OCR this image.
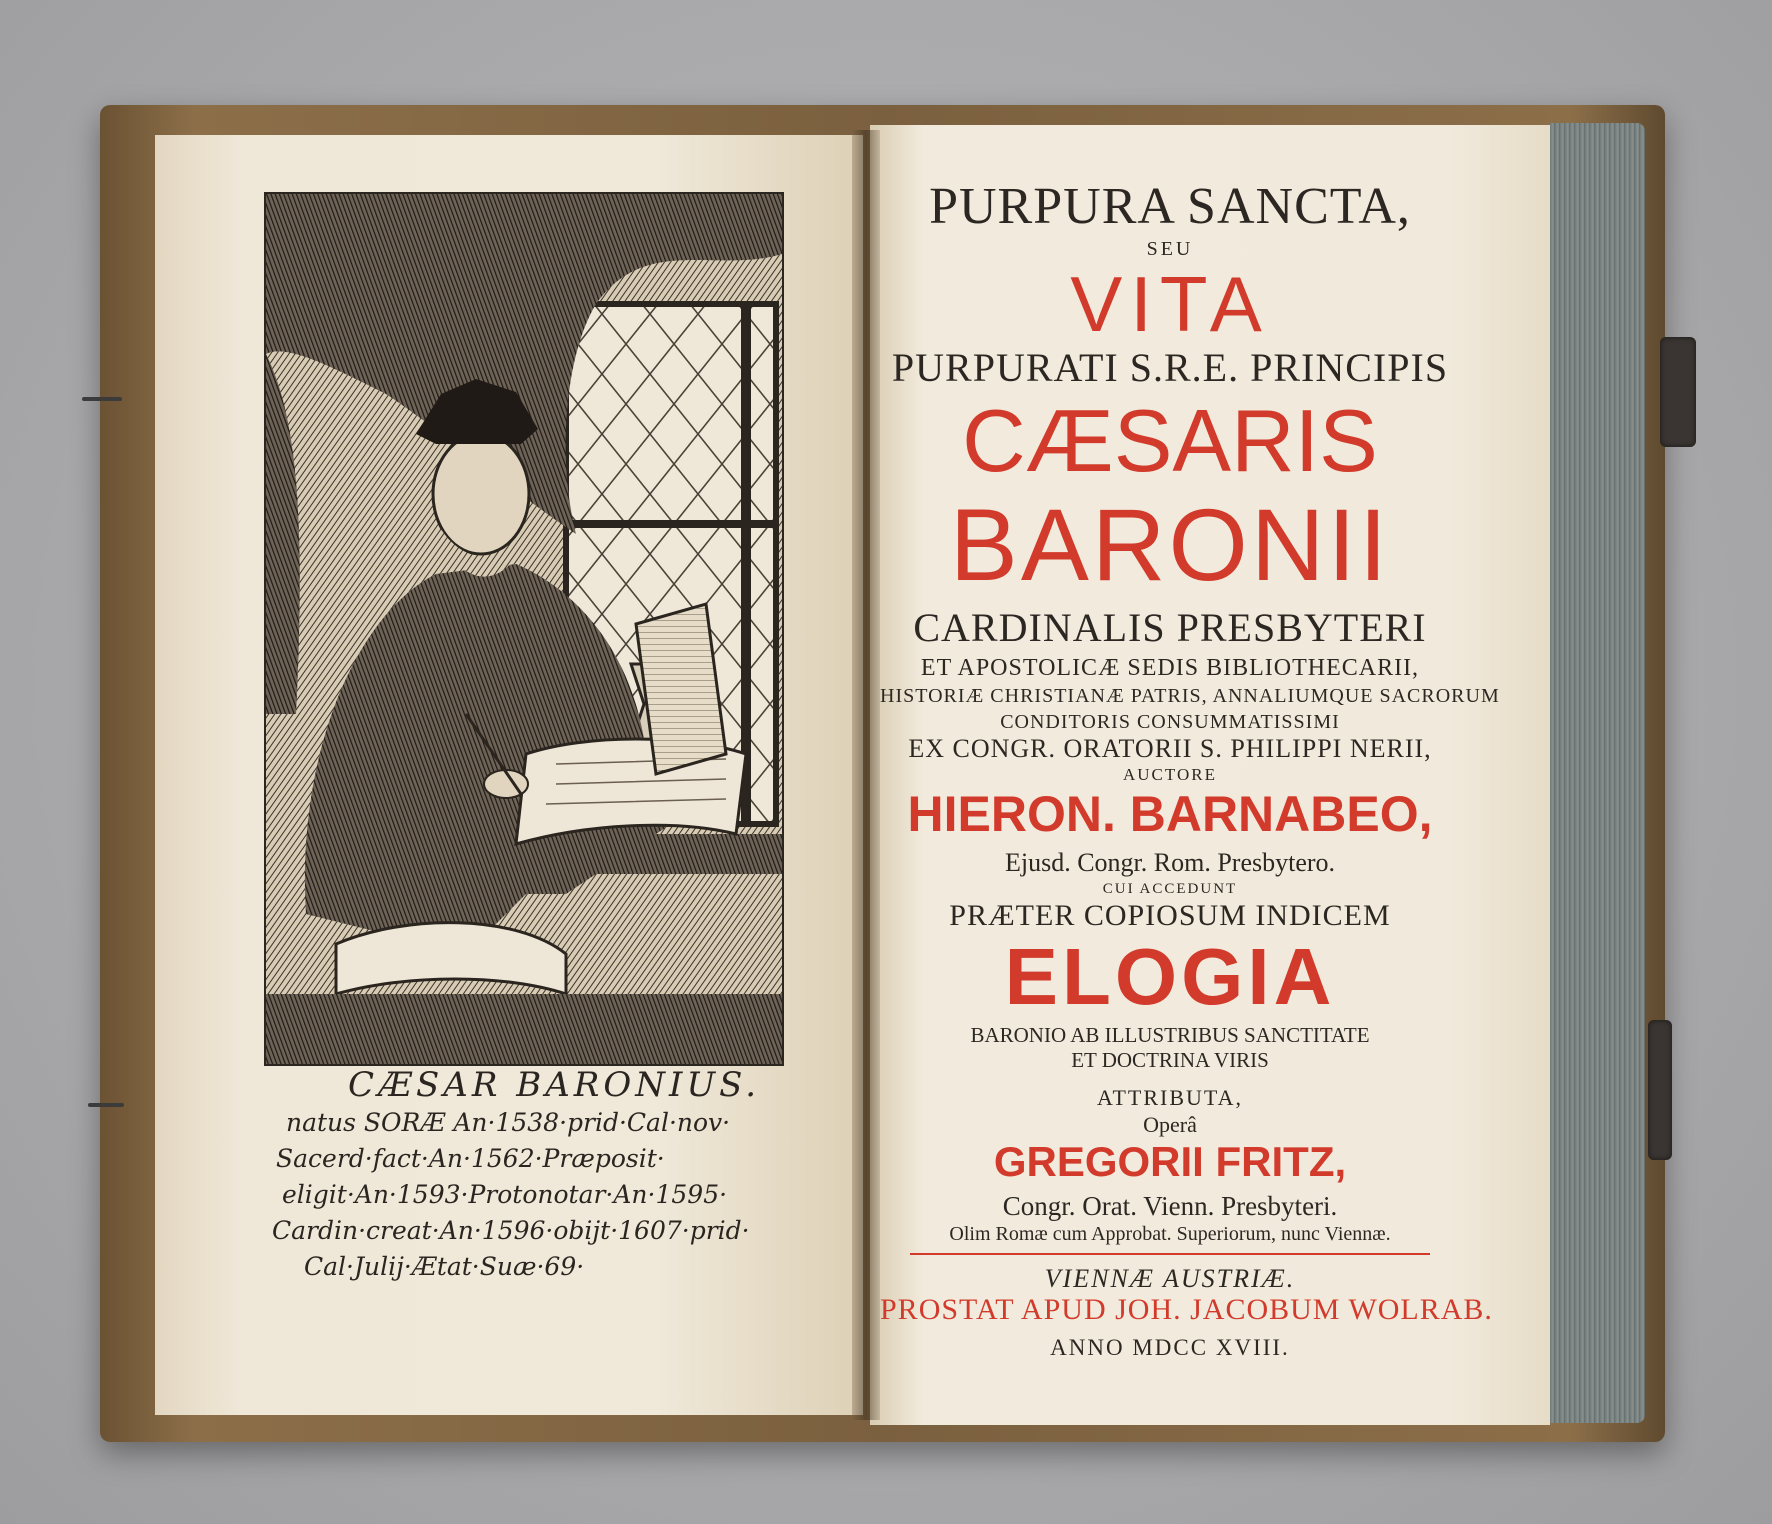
CÆSAR BARONIUS.
natus SORÆ An·1538·prid·Cal·nov·
Sacerd·fact·An·1562·Præposit·
eligit·An·1593·Protonotar·An·1595·
Cardin·creat·An·1596·obijt·1607·prid·
Cal·Julij·Ætat·Suæ·69·
PURPURA SANCTA,
SEU
VITA
PURPURATI S.R.E. PRINCIPIS
CÆSARIS
BARONII
CARDINALIS PRESBYTERI
ET APOSTOLICÆ SEDIS BIBLIOTHECARII,
HISTORIÆ CHRISTIANÆ PATRIS, ANNALIUMQUE SACRORUM
CONDITORIS CONSUMMATISSIMI
EX CONGR. ORATORII S. PHILIPPI NERII,
AUCTORE
HIERON. BARNABEO,
Ejusd. Congr. Rom. Presbytero.
CUI ACCEDUNT
PRÆTER COPIOSUM INDICEM
ELOGIA
BARONIO AB ILLUSTRIBUS SANCTITATE
ET DOCTRINA VIRIS
ATTRIBUTA,
Operâ
GREGORII FRITZ,
Congr. Orat. Vienn. Presbyteri.
Olim Romæ cum Approbat. Superiorum, nunc Viennæ.
VIENNÆ AUSTRIÆ.
PROSTAT APUD JOH. JACOBUM WOLRAB.
ANNO MDCC XVIII.
